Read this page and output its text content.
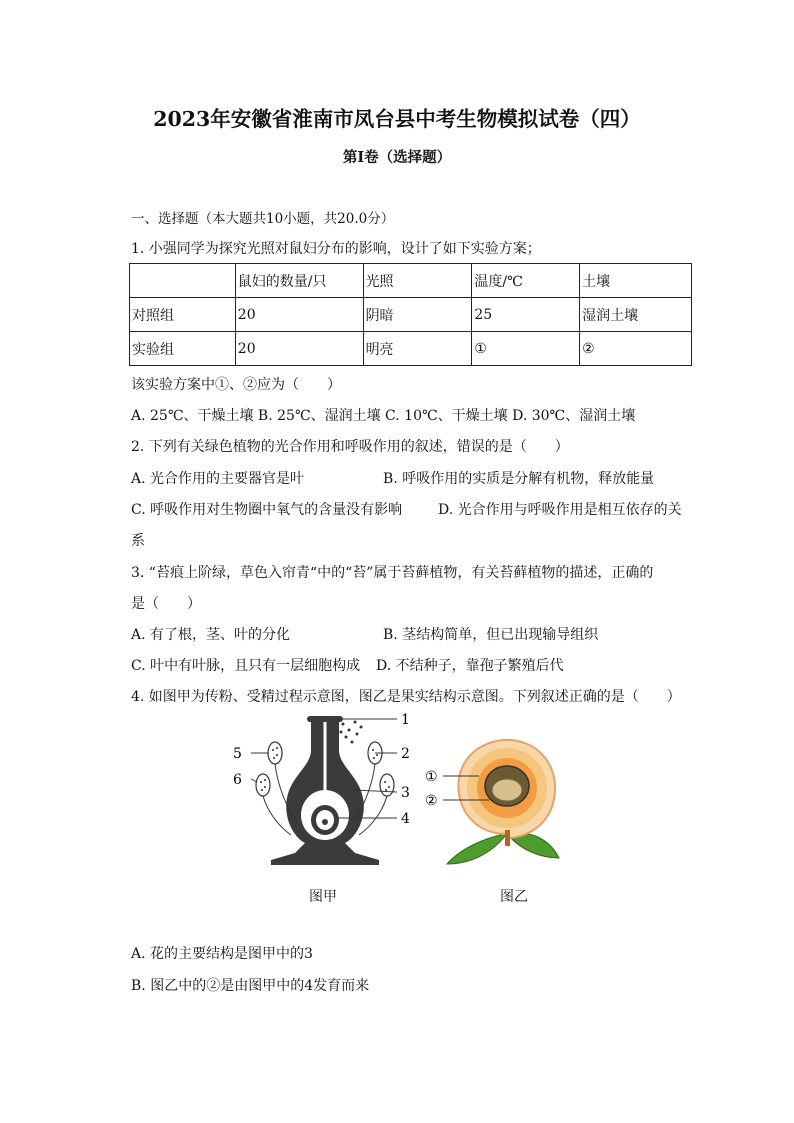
2023年安徽省淮南市凤台县中考生物模拟试卷（四）
第Ⅰ卷（选择题）
一、选择题（本大题共10小题，共20.0分）
1. 小强同学为探究光照对鼠妇分布的影响，设计了如下实验方案；
	鼠妇的数量/只	光照	温度/℃	土壤
对照组	20	阴暗	25	湿润土壤
实验组	20	明亮	①	②
该实验方案中①、②应为（　　）
A. 25℃、干燥土壤 B. 25℃、湿润土壤 C. 10℃、干燥土壤 D. 30℃、湿润土壤
2. 下列有关绿色植物的光合作用和呼吸作用的叙述，错误的是（　　）
A. 光合作用的主要器官是叶	B. 呼吸作用的实质是分解有机物，释放能量
C. 呼吸作用对生物圈中氧气的含量没有影响	D. 光合作用与呼吸作用是相互依存的关
系
3. “苔痕上阶绿，草色入帘青“中的“苔”属于苔藓植物，有关苔藓植物的描述，正确的
是（　　）
A. 有了根，茎、叶的分化	B. 茎结构简单，但已出现输导组织
C. 叶中有叶脉，且只有一层细胞构成 D. 不结种子，靠孢子繁殖后代
4. 如图甲为传粉、受精过程示意图，图乙是果实结构示意图。下列叙述正确的是（　　）
1
2
3
4
5
6	①
②
图甲	图乙
A. 花的主要结构是图甲中的3
B. 图乙中的②是由图甲中的4发育而来
